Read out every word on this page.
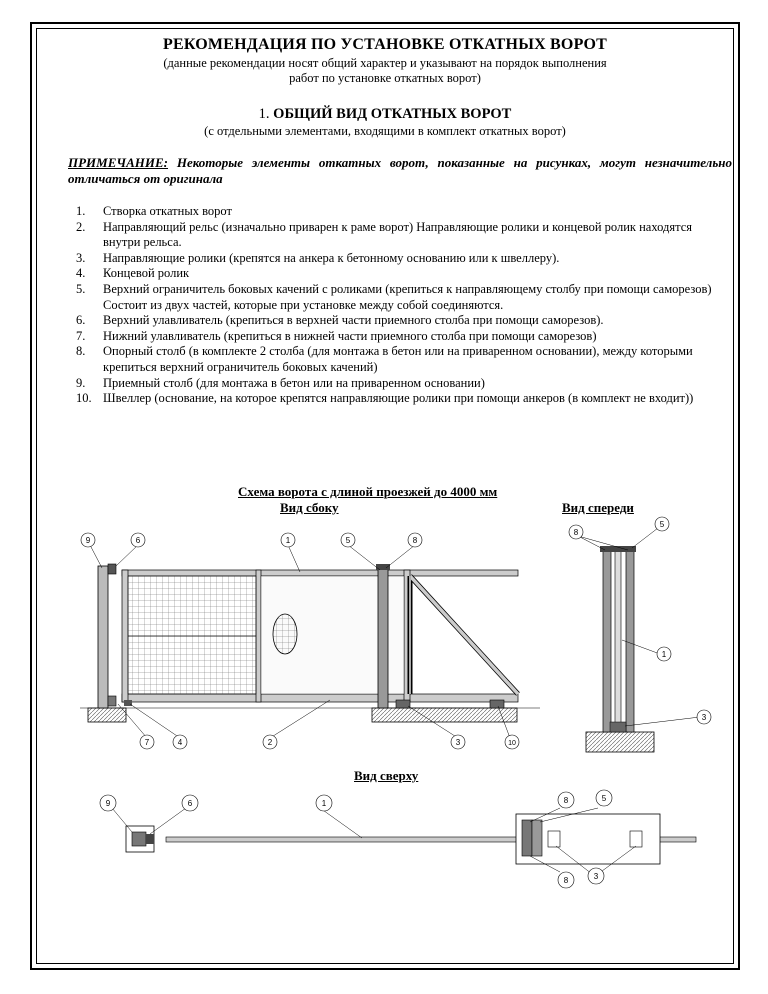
РЕКОМЕНДАЦИЯ ПО УСТАНОВКЕ ОТКАТНЫХ ВОРОТ
(данные рекомендации носят общий характер и указывают на порядок выполнения
работ по установке откатных ворот)
1. ОБЩИЙ ВИД ОТКАТНЫХ ВОРОТ
(с отдельными элементами, входящими в комплект откатных ворот)
ПРИМЕЧАНИЕ: Некоторые элементы откатных ворот, показанные на рисунках, могут незначительно отличаться от оригинала
1. Створка откатных ворот
2. Направляющий рельс (изначально приварен к раме ворот) Направляющие ролики и концевой ролик находятся внутри рельса.
3. Направляющие ролики (крепятся на анкера к бетонному основанию или к швеллеру).
4. Концевой ролик
5. Верхний ограничитель боковых качений с роликами (крепиться к направляющему столбу при помощи саморезов) Состоит из двух частей, которые при установке между собой соединяются.
6. Верхний улавливатель (крепиться в верхней части приемного столба при помощи саморезов).
7. Нижний улавливатель (крепиться в нижней части приемного столба при помощи саморезов)
8. Опорный столб (в комплекте 2 столба (для монтажа в бетон или на приваренном основании), между которыми крепиться верхний ограничитель боковых качений)
9. Приемный столб (для монтажа в бетон или на приваренном основании)
10. Швеллер (основание, на которое крепятся направляющие ролики при помощи анкеров (в комплект не входит))
Схема ворота с длиной проезжей до 4000 мм
Вид сбоку	Вид спереди
Вид сверху
9	6	1	5	8
7	4	2	3	10
8
5
1
3
9	6	1	8	5
8	3
